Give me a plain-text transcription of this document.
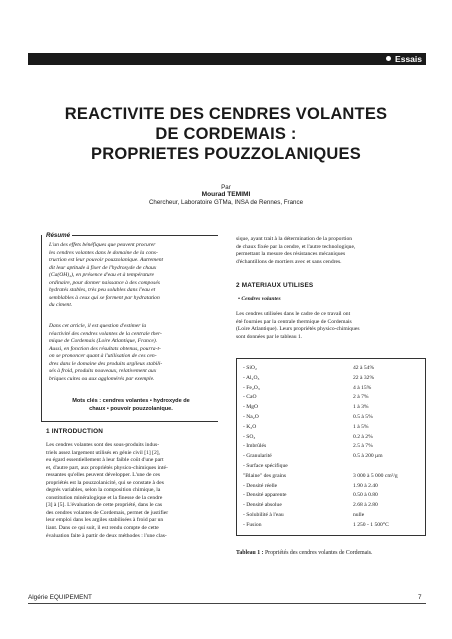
Essais
REACTIVITE DES CENDRES VOLANTES
DE CORDEMAIS :
PROPRIETES POUZZOLANIQUES
Par
Mourad TEMIMI
Chercheur, Laboratoire GTMa, INSA de Rennes, France
Résumé
L'un des effets bénéfiques que peuvent procurer
les cendres volantes dans le domaine de la cons-
truction est leur pouvoir pouzzolanique. Autrement
dit leur aptitude à fixer de l'hydroxyde de chaux
(Ca(OH)₂), en présence d'eau et à température
ordinaire, pour donner naissance à des composés
hydratés stables, très peu solubles dans l'eau et
semblables à ceux qui se forment par hydratation
du ciment.
Dans cet article, il est question d'estimer la
réactivité des cendres volantes de la centrale ther-
mique de Cordemais (Loire Atlantique, France).
Aussi, en fonction des résultats obtenus, pourra-t-
on se prononcer quant à l'utilisation de ces cen-
dres dans le domaine des produits argileux stabili-
sés à froid, produits nouveaux, relativement aux
briques cuites ou aux agglomérés par exemple.
Mots clés : cendres volantes • hydroxyde de
chaux • pouvoir pouzzolanique.
1 INTRODUCTION
Les cendres volantes sont des sous-produits indus-
triels assez largement utilisés en génie civil [1] [2],
eu égard essentiellement à leur faible coût d'une part
et, d'autre part, aux propriétés physico-chimiques inté-
ressantes qu'elles peuvent développer. L'une de ces
propriétés est la pouzzolanicité, qui se constate à des
degrés variables, selon la composition chimique, la
constitution minéralogique et la finesse de la cendre
[3] à [5]. L'évaluation de cette propriété, dans le cas
des cendres volantes de Cordemais, permet de justifier
leur emploi dans les argiles stabilisées à froid par un
liant. Dans ce qui suit, il est rendu compte de cette
évaluation faite à partir de deux méthodes : l'une clas-
sique, ayant trait à la détermination de la proportion
de chaux fixée par la cendre, et l'autre technologique,
permettant la mesure des résistances mécaniques
d'échantillons de mortiers avec et sans cendres.
2 MATERIAUX UTILISES
• Cendres volantes
Les cendres utilisées dans le cadre de ce travail ont
été fournies par la centrale thermique de Cordemais
(Loire Atlantique). Leurs propriétés physico-chimiques
sont données par le tableau 1.
- SiO₂	42 à 54%
- Al₂O₃	22 à 32%
- Fe₂O₃	4 à 15%
- CaO	2 à 7%
- MgO	1 à 3%
- Na₂O	0.5 à 5%
- K₂O	1 à 5%
- SO₃	0.2 à 2%
- Imbrûlés	2.5 à 7%
- Granularité	0.5 à 200 µm
- Surface spécifique
"Blaine" des grains	3 000 à 5 000 cm²/g
- Densité réelle	1.90 à 2.40
- Densité apparente	0.50 à 0.80
- Densité absolue	2.68 à 2.80
- Solubilité à l'eau	nulle
- Fusion	1 250 - 1 500°C
Tableau 1 : Propriétés des cendres volantes de Cordemais.
Algérie EQUIPEMENT	7
